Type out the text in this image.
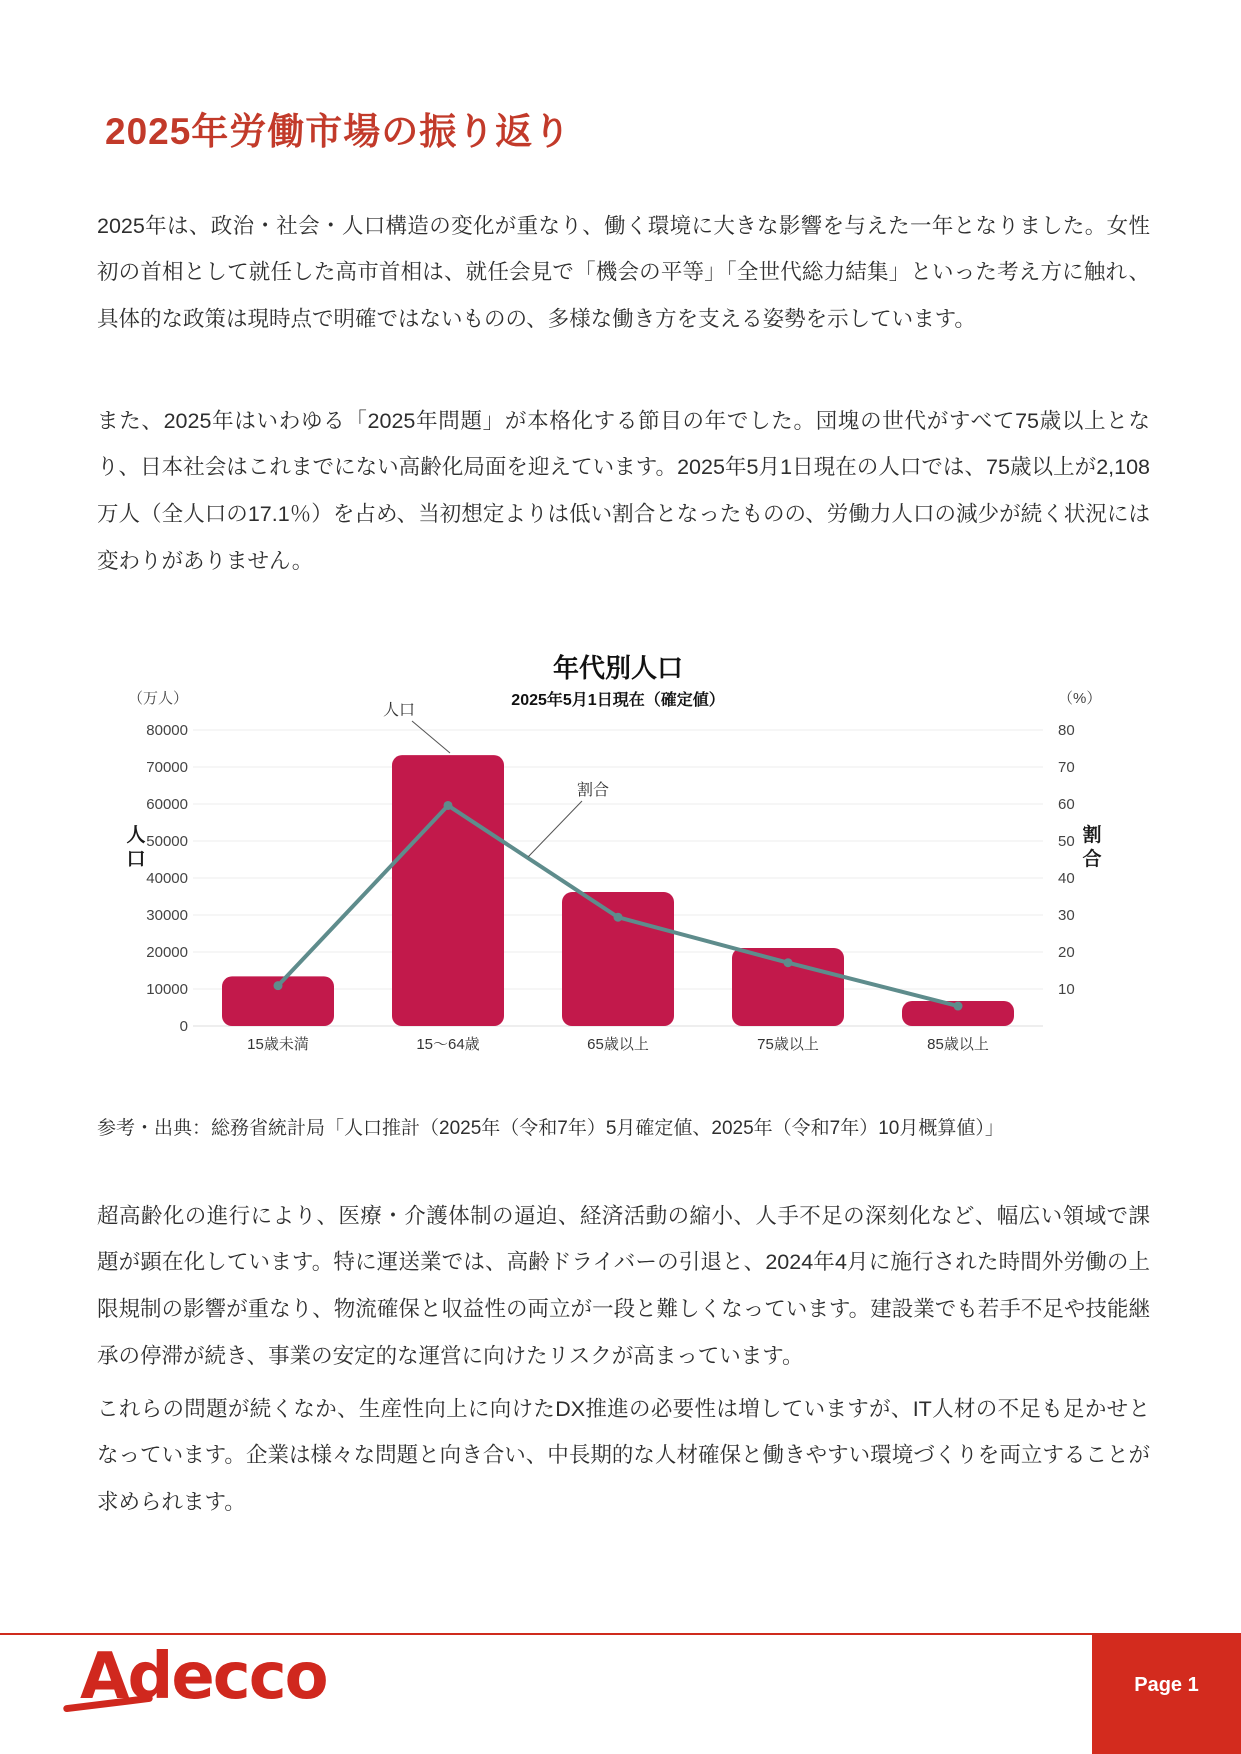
2025年労働市場の振り返り

2025年は、政治・社会・人口構造の変化が重なり、働く環境に大きな影響を与えた一年となりました。女性初の首相として就任した高市首相は、就任会見で「機会の平等」「全世代総力結集」といった考え方に触れ、具体的な政策は現時点で明確ではないものの、多様な働き方を支える姿勢を示しています。

また、2025年はいわゆる「2025年問題」が本格化する節目の年でした。団塊の世代がすべて75歳以上となり、日本社会はこれまでにない高齢化局面を迎えています。2025年5月1日現在の人口では、75歳以上が2,108万人（全人口の17.1％）を占め、当初想定よりは低い割合となったものの、労働力人口の減少が続く状況には変わりがありません。

0
10000
20000
30000
40000
50000
60000
70000
80000
10
20
30
40
50
60
70
80
（万人）	（%）
人
口
割
合
年代別人口
2025年5月1日現在（確定値）
15歳未満	15〜64歳	65歳以上	75歳以上	85歳以上
人口
割合

参考・出典：総務省統計局「人口推計（2025年（令和7年）5月確定値、2025年（令和7年）10月概算値）」

超高齢化の進行により、医療・介護体制の逼迫、経済活動の縮小、人手不足の深刻化など、幅広い領域で課題が顕在化しています。特に運送業では、高齢ドライバーの引退と、2024年4月に施行された時間外労働の上限規制の影響が重なり、物流確保と収益性の両立が一段と難しくなっています。建設業でも若手不足や技能継承の停滞が続き、事業の安定的な運営に向けたリスクが高まっています。

これらの問題が続くなか、生産性向上に向けたDX推進の必要性は増していますが、IT人材の不足も足かせとなっています。企業は様々な問題と向き合い、中長期的な人材確保と働きやすい環境づくりを両立することが求められます。

Adecco	Page 1
